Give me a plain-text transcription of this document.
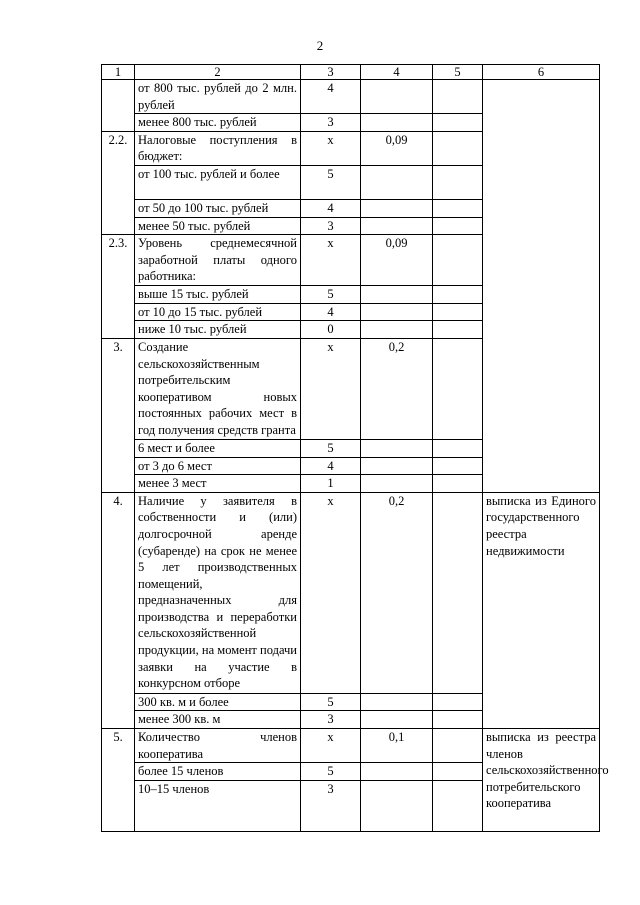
2
1	2	3	4	5	6
	от 800 тыс. рублей до 2 млн. рублей	4			
	менее 800 тыс. рублей	3			
2.2.	Налоговые поступления в бюджет:	х	0,09		
	от 100 тыс. рублей и более	5			
	от 50 до 100 тыс. рублей	4			
	менее 50 тыс. рублей	3			
2.3.	Уровень среднемесячной заработной платы одного работника:	х	0,09		
	выше 15 тыс. рублей	5			
	от 10 до 15 тыс. рублей	4			
	ниже 10 тыс. рублей	0			
3.	Создание сельскохозяйственным потребительским кооперативом новых постоянных рабочих мест в год получения средств гранта	х	0,2		
	6 мест и более	5			
	от 3 до 6 мест	4			
	менее 3 мест	1			
4.	Наличие у заявителя в собственности и (или) долгосрочной аренде (субаренде) на срок не менее 5 лет производственных помещений, предназначенных для производства и переработки сельскохозяйственной продукции, на момент подачи заявки на участие в конкурсном отборе	х	0,2		выписка из Единого государственного реестра недвижимости
	300 кв. м и более	5			
	менее 300 кв. м	3			
5.	Количество членов кооператива	х	0,1		выписка из реестра членов сельскохозяйственного потребительского кооператива
	более 15 членов	5			
	10–15 членов	3			
